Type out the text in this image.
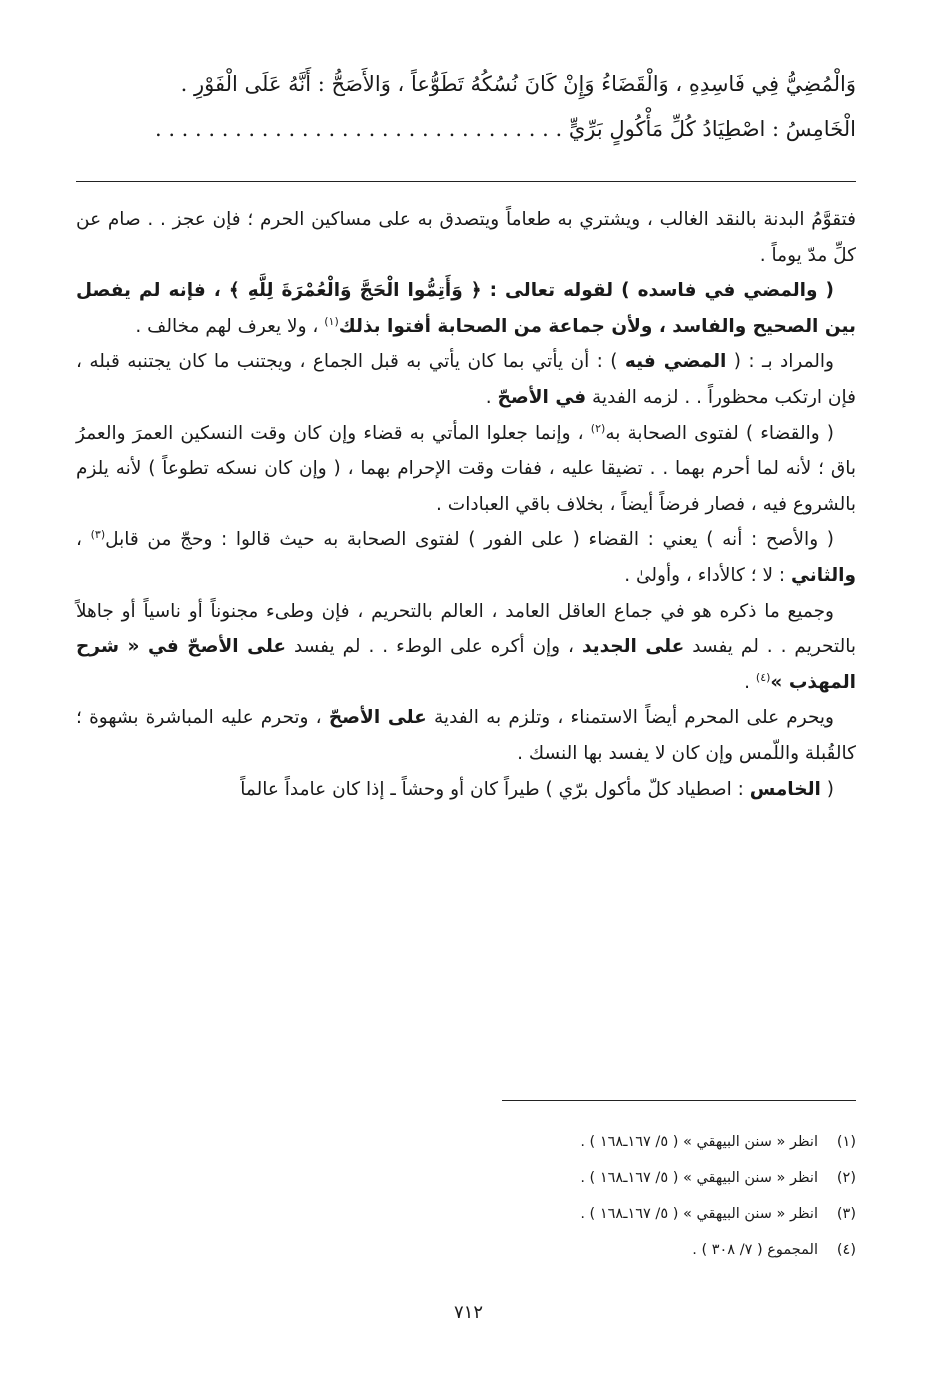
وَالْمُضِيُّ فِي فَاسِدِهِ ، وَالْقَضَاءُ وَإِنْ كَانَ نُسُكُهُ تَطَوُّعاً ، وَالأَصَحُّ : أَنَّهُ عَلَى الْفَوْرِ .
الْخَامِسُ : اصْطِيَادُ كُلِّ مَأْكُولٍ بَرِّيٍّ . . . . . . . . . . . . . . . . . . . . . . . . . . . . . . .

فتقوَّمُ البدنة بالنقد الغالب ، ويشتري به طعاماً ويتصدق به على مساكين الحرم ؛ فإن عجز . . صام عن كلِّ مدّ يوماً .

( والمضي في فاسده ) لقوله تعالى : ﴿ وَأَتِمُّوا الْحَجَّ وَالْعُمْرَةَ لِلَّهِ ﴾ ، فإنه لم يفصل بين الصحيح والفاسد ، ولأن جماعة من الصحابة أفتوا بذلك$^{(١)}$ ، ولا يعرف لهم مخالف .

والمراد بـ : ( المضي فيه ) : أن يأتي بما كان يأتي به قبل الجماع ، ويجتنب ما كان يجتنبه قبله ، فإن ارتكب محظوراً . . لزمه الفدية في الأصحّ .

( والقضاء ) لفتوى الصحابة به$^{(٢)}$ ، وإنما جعلوا المأتي به قضاء وإن كان وقت النسكين العمرَ والعمرُ باق ؛ لأنه لما أحرم بهما . . تضيقا عليه ، ففات وقت الإحرام بهما ، ( وإن كان نسكه تطوعاً ) لأنه يلزم بالشروع فيه ، فصار فرضاً أيضاً ، بخلاف باقي العبادات .

( والأصح : أنه ) يعني : القضاء ( على الفور ) لفتوى الصحابة به حيث قالوا : وحجّ من قابل$^{(٣)}$ ، والثاني : لا ؛ كالأداء ، وأولىٰ .

وجميع ما ذكره هو في جماع العاقل العامد ، العالم بالتحريم ، فإن وطىء مجنوناً أو ناسياً أو جاهلاً بالتحريم . . لم يفسد على الجديد ، وإن أكره على الوطء . . لم يفسد على الأصحّ في « شرح المهذب »$^{(٤)}$ .

ويحرم على المحرم أيضاً الاستمناء ، وتلزم به الفدية على الأصحّ ، وتحرم عليه المباشرة بشهوة ؛ كالقُبلة واللّمس وإن كان لا يفسد بها النسك .

( الخامس : اصطياد كلّ مأكول برّي ) طيراً كان أو وحشاً ـ إذا كان عامداً عالماً

(١)انظر « سنن البيهقي » ( ٥/ ١٦٧ـ١٦٨ ) .
(٢)انظر « سنن البيهقي » ( ٥/ ١٦٧ـ١٦٨ ) .
(٣)انظر « سنن البيهقي » ( ٥/ ١٦٧ـ١٦٨ ) .
(٤)المجموع ( ٧/ ٣٠٨ ) .
٧١٢
